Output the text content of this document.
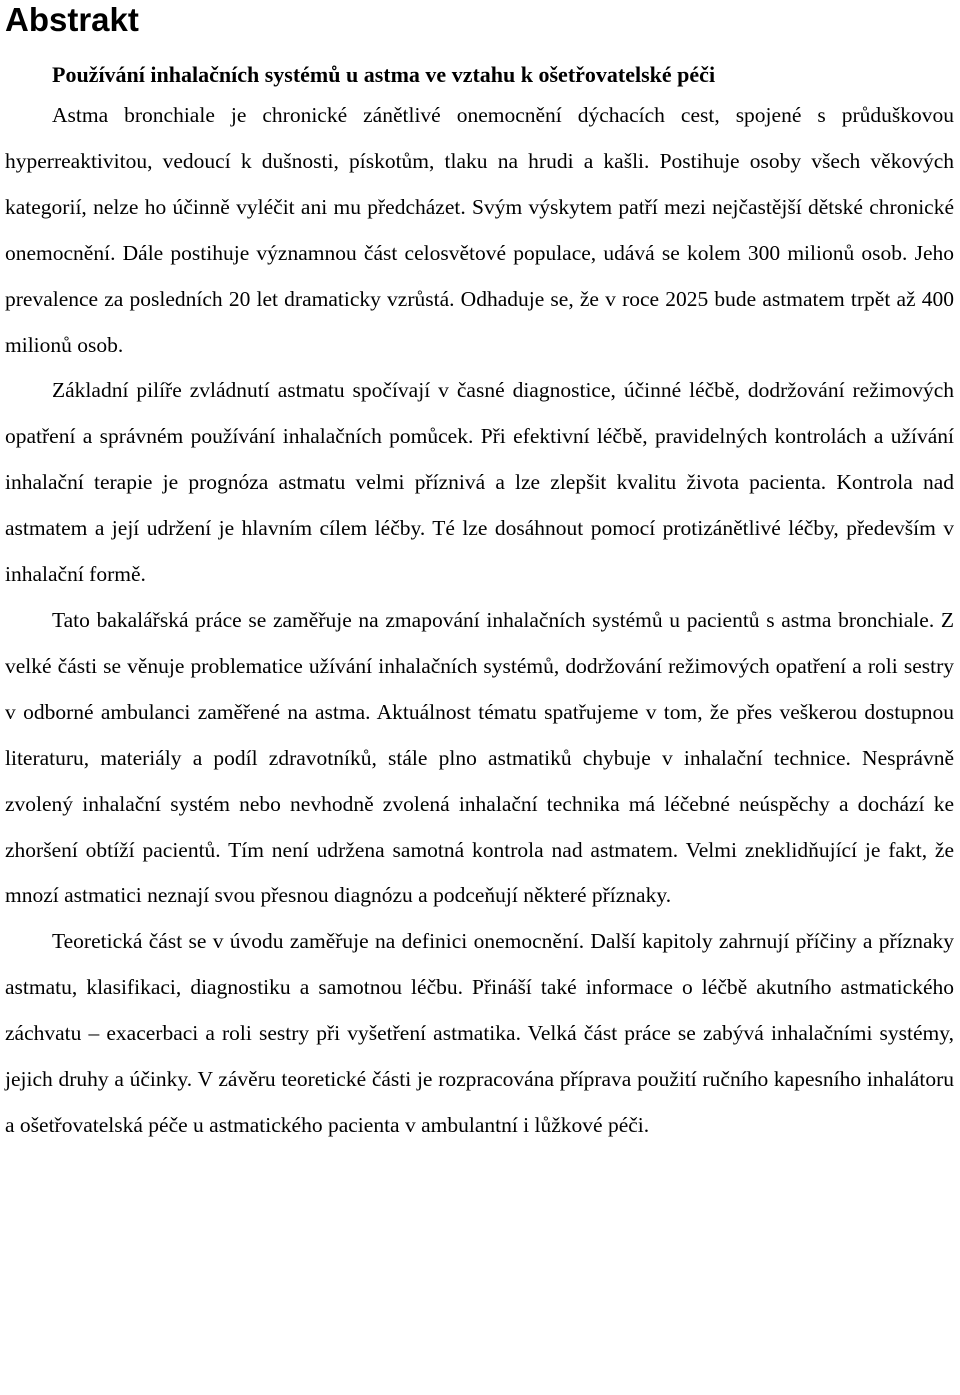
Abstrakt

Používání inhalačních systémů u astma ve vztahu k ošetřovatelské péči

Astma bronchiale je chronické zánětlivé onemocnění dýchacích cest, spojené s průduškovou hyperreaktivitou, vedoucí k dušnosti, pískotům, tlaku na hrudi a kašli. Postihuje osoby všech věkových kategorií, nelze ho účinně vyléčit ani mu předcházet. Svým výskytem patří mezi nejčastější dětské chronické onemocnění. Dále postihuje významnou část celosvětové populace, udává se kolem 300 milionů osob. Jeho prevalence za posledních 20 let dramaticky vzrůstá. Odhaduje se, že v roce 2025 bude astmatem trpět až 400 milionů osob.

Základní pilíře zvládnutí astmatu spočívají v časné diagnostice, účinné léčbě, dodržování režimových opatření a správném používání inhalačních pomůcek. Při efektivní léčbě, pravidelných kontrolách a užívání inhalační terapie je prognóza astmatu velmi příznivá a lze zlepšit kvalitu života pacienta. Kontrola nad astmatem a její udržení je hlavním cílem léčby. Té lze dosáhnout pomocí protizánětlivé léčby, především v inhalační formě.

Tato bakalářská práce se zaměřuje na zmapování inhalačních systémů u pacientů s astma bronchiale. Z velké části se věnuje problematice užívání inhalačních systémů, dodržování režimových opatření a roli sestry v odborné ambulanci zaměřené na astma. Aktuálnost tématu spatřujeme v tom, že přes veškerou dostupnou literaturu, materiály a podíl zdravotníků, stále plno astmatiků chybuje v inhalační technice. Nesprávně zvolený inhalační systém nebo nevhodně zvolená inhalační technika má léčebné neúspěchy a dochází ke zhoršení obtíží pacientů. Tím není udržena samotná kontrola nad astmatem. Velmi zneklidňující je fakt, že mnozí astmatici neznají svou přesnou diagnózu a podceňují některé příznaky.

Teoretická část se v úvodu zaměřuje na definici onemocnění. Další kapitoly zahrnují příčiny a příznaky astmatu, klasifikaci, diagnostiku a samotnou léčbu. Přináší také informace o léčbě akutního astmatického záchvatu – exacerbaci a roli sestry při vyšetření astmatika. Velká část práce se zabývá inhalačními systémy, jejich druhy a účinky. V závěru teoretické části je rozpracována příprava použití ručního kapesního inhalátoru a ošetřovatelská péče u astmatického pacienta v ambulantní i lůžkové péči.
